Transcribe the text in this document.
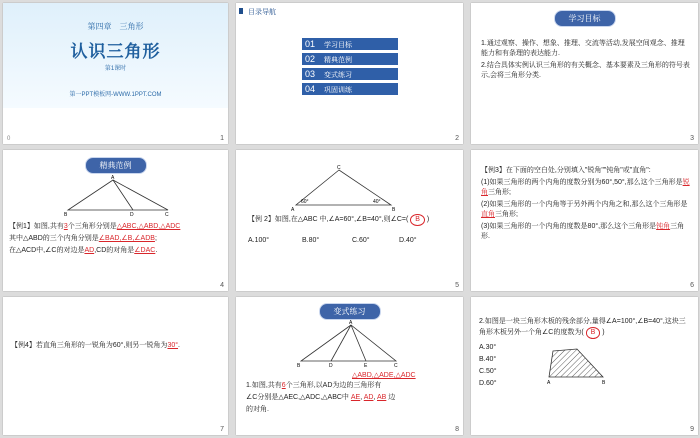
第四章　三角形
认识三角形
第1课时
第一PPT模板网-WWW.1PPT.COM
0	1
目录导航
01 学习目标
02 精典范例
03 变式练习
04 巩固训练
2
学习目标
1.通过观察、操作、想象、推理、交流等活动,发展空间观念、推理能力和有条理的表达能力.
2.结合具体实例认识三角形的有关概念、基本要素及三角形的符号表示,会将三角形分类.
3
精典范例
A
B	D	C
【例1】如图,共有3个三角形分别是△ABC,△ABD,△ADC
其中△ABD的三个内角分别是∠BAD,∠B,∠ADB;
在△ACD中,∠C的对边是AD,CD的对角是∠DAC.
4
C
A	B
60°	40°
【例 2】如图,在△ABC 中,∠A=60°,∠B=40°,则∠C=( B )
A.100°	B.80°	C.60°	D.40°
5
【例3】在下面的空白处,分别填入"锐角""钝角"或"直角":
(1)如果三角形的两个内角的度数分别为60°,50°,那么这个三角形是锐角三角形;
(2)如果三角形的一个内角等于另外两个内角之和,那么这个三角形是直角三角形;
(3)如果三角形的一个内角的度数是80°,那么这个三角形是钝角三角形.
6
【例4】若直角三角形的一锐角为60°,则另一锐角为30°.
7
变式练习
A
B	D	E	C
△ABD,△ADE,△ADC
1.如图,共有6个三角形,以AD为边的三角形有
∠C分别是△AEC,△ADC,△ABC中 AE, AD, AB 边
的对角.
8
2.如图是一块三角形木板的残余部分,量得∠A=100°,∠B=40°,这块三角形木板另外一个角∠C的度数为( B )
A.30°
B.40°
C.50°
D.60°	A	B
9
